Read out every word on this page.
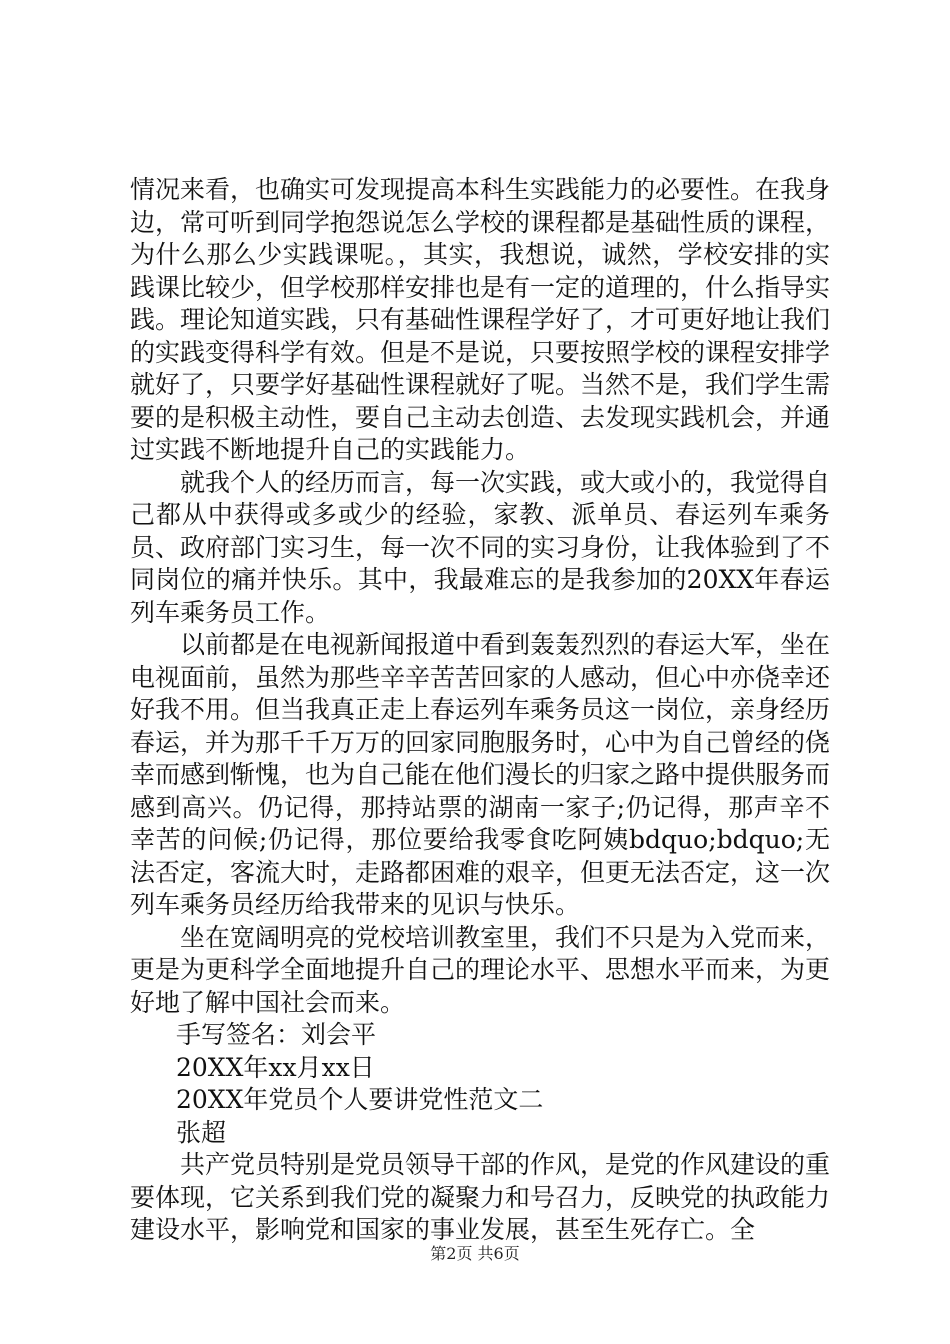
情况来看，也确实可发现提高本科生实践能力的必要性。在我身边，常可听到同学抱怨说怎么学校的课程都是基础性质的课程，为什么那么少实践课呢。，其实，我想说，诚然，学校安排的实践课比较少，但学校那样安排也是有一定的道理的，什么指导实践。理论知道实践，只有基础性课程学好了，才可更好地让我们的实践变得科学有效。但是不是说，只要按照学校的课程安排学就好了，只要学好基础性课程就好了呢。当然不是，我们学生需要的是积极主动性，要自己主动去创造、去发现实践机会，并通过实践不断地提升自己的实践能力。

就我个人的经历而言，每一次实践，或大或小的，我觉得自己都从中获得或多或少的经验，家教、派单员、春运列车乘务员、政府部门实习生，每一次不同的实习身份，让我体验到了不同岗位的痛并快乐。其中，我最难忘的是我参加的20XX年春运列车乘务员工作。

以前都是在电视新闻报道中看到轰轰烈烈的春运大军，坐在电视面前，虽然为那些辛辛苦苦回家的人感动，但心中亦侥幸还好我不用。但当我真正走上春运列车乘务员这一岗位，亲身经历春运，并为那千千万万的回家同胞服务时，心中为自己曾经的侥幸而感到惭愧，也为自己能在他们漫长的归家之路中提供服务而感到高兴。仍记得，那持站票的湖南一家子;仍记得，那声辛不幸苦的问候;仍记得，那位要给我零食吃阿姨bdquo;bdquo;无法否定，客流大时，走路都困难的艰辛，但更无法否定，这一次列车乘务员经历给我带来的见识与快乐。

坐在宽阔明亮的党校培训教室里，我们不只是为入党而来，更是为更科学全面地提升自己的理论水平、思想水平而来，为更好地了解中国社会而来。

手写签名：刘会平

20XX年xx月xx日

20XX年党员个人要讲党性范文二

张超

共产党员特别是党员领导干部的作风，是党的作风建设的重要体现，它关系到我们党的凝聚力和号召力，反映党的执政能力建设水平，影响党和国家的事业发展，甚至生死存亡。全

第2页 共6页
